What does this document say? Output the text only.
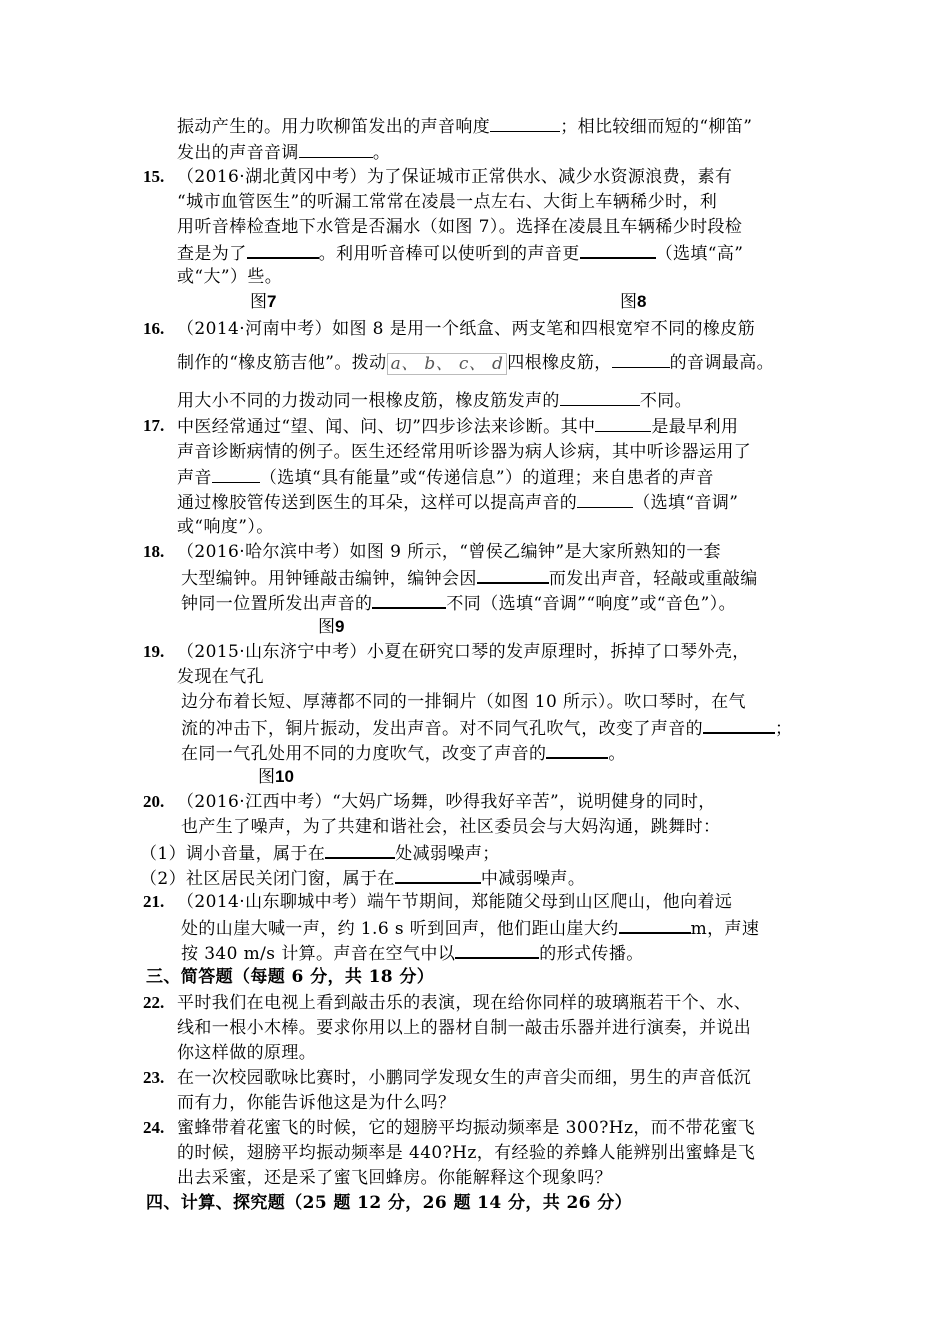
振动产生的。用力吹柳笛发出的声音响度	；相比较细而短的“柳笛”
发出的声音音调	。
15. （2016·湖北黄冈中考）为了保证城市正常供水、减少水资源浪费，素有
“城市血管医生”的听漏工常常在凌晨一点左右、大街上车辆稀少时，利
用听音棒检查地下水管是否漏水（如图 7）。选择在凌晨且车辆稀少时段检
查是为了	。利用听音棒可以使听到的声音更	（选填“高”
或“大”）些。
图7	图8
16. （2014·河南中考）如图 8 是用一个纸盒、两支笔和四根宽窄不同的橡皮筋
制作的“橡皮筋吉他”。拨动 a、 b、 c、 d 四根橡皮筋，	的音调最高。
用大小不同的力拨动同一根橡皮筋，橡皮筋发声的	不同。
17. 中医经常通过“望、闻、问、切”四步诊法来诊断。其中	是最早利用
声音诊断病情的例子。医生还经常用听诊器为病人诊病，其中听诊器运用了
声音	（选填“具有能量”或“传递信息”）的道理；来自患者的声音
通过橡胶管传送到医生的耳朵，这样可以提高声音的	（选填“音调”
或“响度”）。
18. （2016·哈尔滨中考）如图 9 所示，“曾侯乙编钟”是大家所熟知的一套
大型编钟。用钟锤敲击编钟，编钟会因	而发出声音，轻敲或重敲编
钟同一位置所发出声音的	不同（选填“音调”“响度”或“音色”）。
图9
19. （2015·山东济宁中考）小夏在研究口琴的发声原理时，拆掉了口琴外壳，
发现在气孔
边分布着长短、厚薄都不同的一排铜片（如图 10 所示）。吹口琴时，在气
流的冲击下，铜片振动，发出声音。对不同气孔吹气，改变了声音的	；
在同一气孔处用不同的力度吹气，改变了声音的	。
图10
20. （2016·江西中考）“大妈广场舞，吵得我好辛苦”，说明健身的同时，
也产生了噪声，为了共建和谐社会，社区委员会与大妈沟通，跳舞时：
（1）调小音量，属于在	处减弱噪声；
（2）社区居民关闭门窗，属于在	中减弱噪声。
21. （2014·山东聊城中考）端午节期间，郑能随父母到山区爬山，他向着远
处的山崖大喊一声，约 1.6 s 听到回声，他们距山崖大约	m，声速
按 340 m/s 计算。声音在空气中以	的形式传播。
三、简答题（每题 6 分，共 18 分）
22. 平时我们在电视上看到敲击乐的表演，现在给你同样的玻璃瓶若干个、水、
线和一根小木棒。要求你用以上的器材自制一敲击乐器并进行演奏，并说出
你这样做的原理。
23. 在一次校园歌咏比赛时，小鹏同学发现女生的声音尖而细，男生的声音低沉
而有力，你能告诉他这是为什么吗？
24. 蜜蜂带着花蜜飞的时候，它的翅膀平均振动频率是 300?Hz，而不带花蜜飞
的时候，翅膀平均振动频率是 440?Hz，有经验的养蜂人能辨别出蜜蜂是飞
出去采蜜，还是采了蜜飞回蜂房。你能解释这个现象吗？
四、计算、探究题（25 题 12 分，26 题 14 分，共 26 分）
